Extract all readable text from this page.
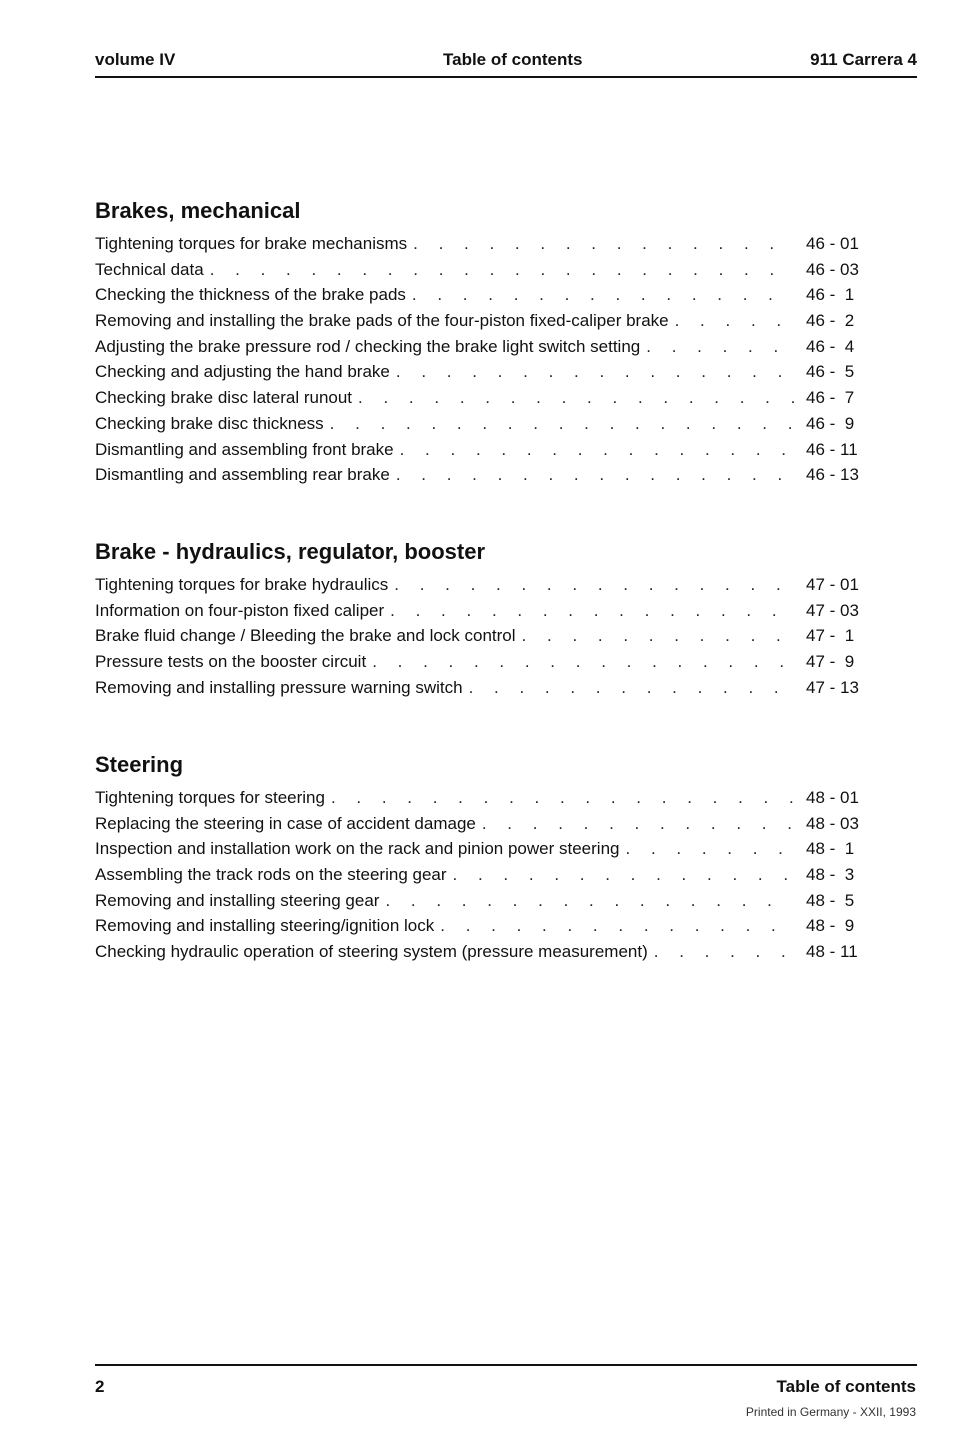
volume IV	Table of contents	911 Carrera 4
Brakes, mechanical
Tightening torques for brake mechanisms . . .	46 - 01
Technical data . . .	46 - 03
Checking the thickness of the brake pads . . .	46 -  1
Removing and installing the brake pads of the four-piston fixed-caliper brake . . .	46 -  2
Adjusting the brake pressure rod / checking the brake light switch setting . . .	46 -  4
Checking and adjusting the hand brake . . .	46 -  5
Checking brake disc lateral runout . . .	46 -  7
Checking brake disc thickness . . .	46 -  9
Dismantling and assembling front brake . . .	46 - 11
Dismantling and assembling rear brake . . .	46 - 13
Brake - hydraulics, regulator, booster
Tightening torques for brake hydraulics . . .	47 - 01
Information on four-piston fixed caliper . . .	47 - 03
Brake fluid change / Bleeding the brake and lock control . . .	47 -  1
Pressure tests on the booster circuit . . .	47 -  9
Removing and installing pressure warning switch . . .	47 - 13
Steering
Tightening torques for steering . . .	48 - 01
Replacing the steering in case of accident damage . . .	48 - 03
Inspection and installation work on the rack and pinion power steering . . .	48 -  1
Assembling the track rods on the steering gear . . .	48 -  3
Removing and installing steering gear . . .	48 -  5
Removing and installing steering/ignition lock . . .	48 -  9
Checking hydraulic operation of steering system (pressure measurement) . . .	48 - 11
2	Table of contents
Printed in Germany - XXII, 1993
